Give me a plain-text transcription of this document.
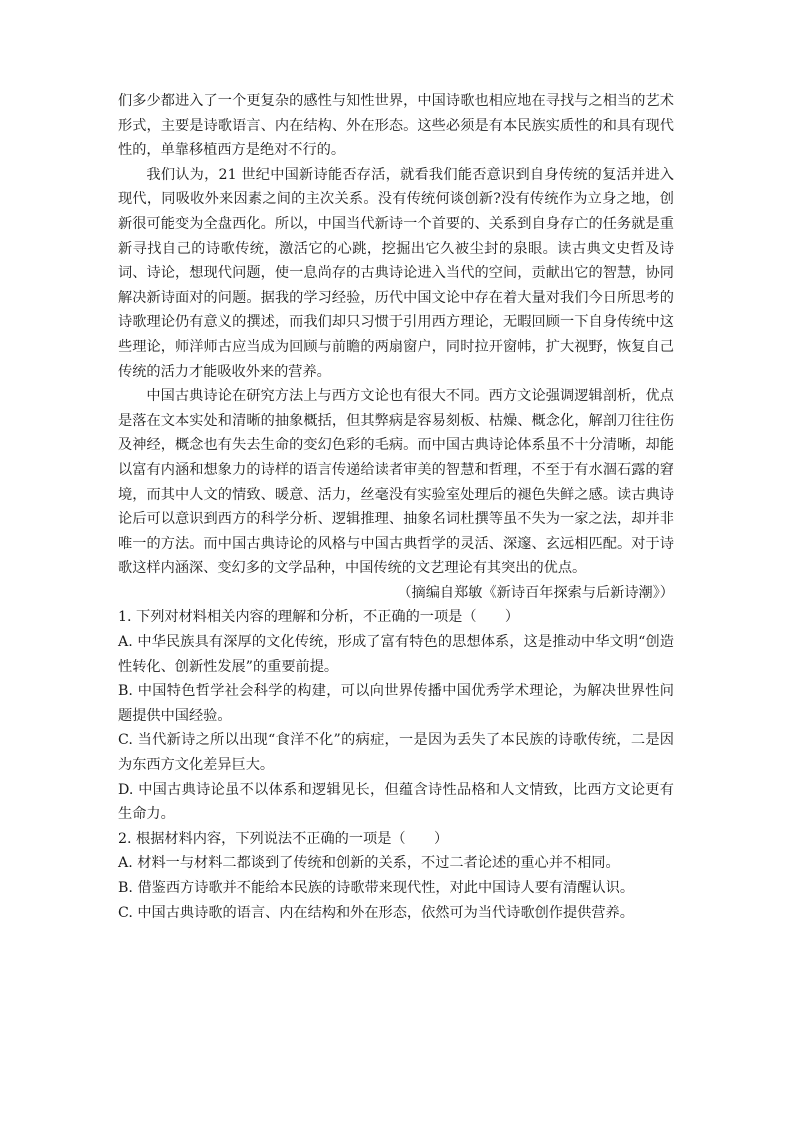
们多少都进入了一个更复杂的感性与知性世界，中国诗歌也相应地在寻找与之相当的艺术形式，主要是诗歌语言、内在结构、外在形态。这些必须是有本民族实质性的和具有现代性的，单靠移植西方是绝对不行的。

我们认为，21 世纪中国新诗能否存活，就看我们能否意识到自身传统的复活并进入现代，同吸收外来因素之间的主次关系。没有传统何谈创新?没有传统作为立身之地，创新很可能变为全盘西化。所以，中国当代新诗一个首要的、关系到自身存亡的任务就是重新寻找自己的诗歌传统，激活它的心跳，挖掘出它久被尘封的泉眼。读古典文史哲及诗词、诗论，想现代问题，使一息尚存的古典诗论进入当代的空间，贡献出它的智慧，协同解决新诗面对的问题。据我的学习经验，历代中国文论中存在着大量对我们今日所思考的诗歌理论仍有意义的撰述，而我们却只习惯于引用西方理论，无暇回顾一下自身传统中这些理论，师洋师古应当成为回顾与前瞻的两扇窗户，同时拉开窗帏，扩大视野，恢复自己传统的活力才能吸收外来的营养。

中国古典诗论在研究方法上与西方文论也有很大不同。西方文论强调逻辑剖析，优点是落在文本实处和清晰的抽象概括，但其弊病是容易刻板、枯燥、概念化，解剖刀往往伤及神经，概念也有失去生命的变幻色彩的毛病。而中国古典诗论体系虽不十分清晰，却能以富有内涵和想象力的诗样的语言传递给读者审美的智慧和哲理，不至于有水涸石露的窘境，而其中人文的情致、暖意、活力，丝毫没有实验室处理后的褪色失鲜之感。读古典诗论后可以意识到西方的科学分析、逻辑推理、抽象名词杜撰等虽不失为一家之法，却并非唯一的方法。而中国古典诗论的风格与中国古典哲学的灵活、深邃、玄远相匹配。对于诗歌这样内涵深、变幻多的文学品种，中国传统的文艺理论有其突出的优点。

（摘编自郑敏《新诗百年探索与后新诗潮》）

1. 下列对材料相关内容的理解和分析，不正确的一项是（　　）

A. 中华民族具有深厚的文化传统，形成了富有特色的思想体系，这是推动中华文明“创造性转化、创新性发展”的重要前提。

B. 中国特色哲学社会科学的构建，可以向世界传播中国优秀学术理论，为解决世界性问题提供中国经验。

C. 当代新诗之所以出现“食洋不化”的病症，一是因为丢失了本民族的诗歌传统，二是因为东西方文化差异巨大。

D. 中国古典诗论虽不以体系和逻辑见长，但蕴含诗性品格和人文情致，比西方文论更有生命力。

2. 根据材料内容，下列说法不正确的一项是（　　）

A. 材料一与材料二都谈到了传统和创新的关系，不过二者论述的重心并不相同。

B. 借鉴西方诗歌并不能给本民族的诗歌带来现代性，对此中国诗人要有清醒认识。

C. 中国古典诗歌的语言、内在结构和外在形态，依然可为当代诗歌创作提供营养。
